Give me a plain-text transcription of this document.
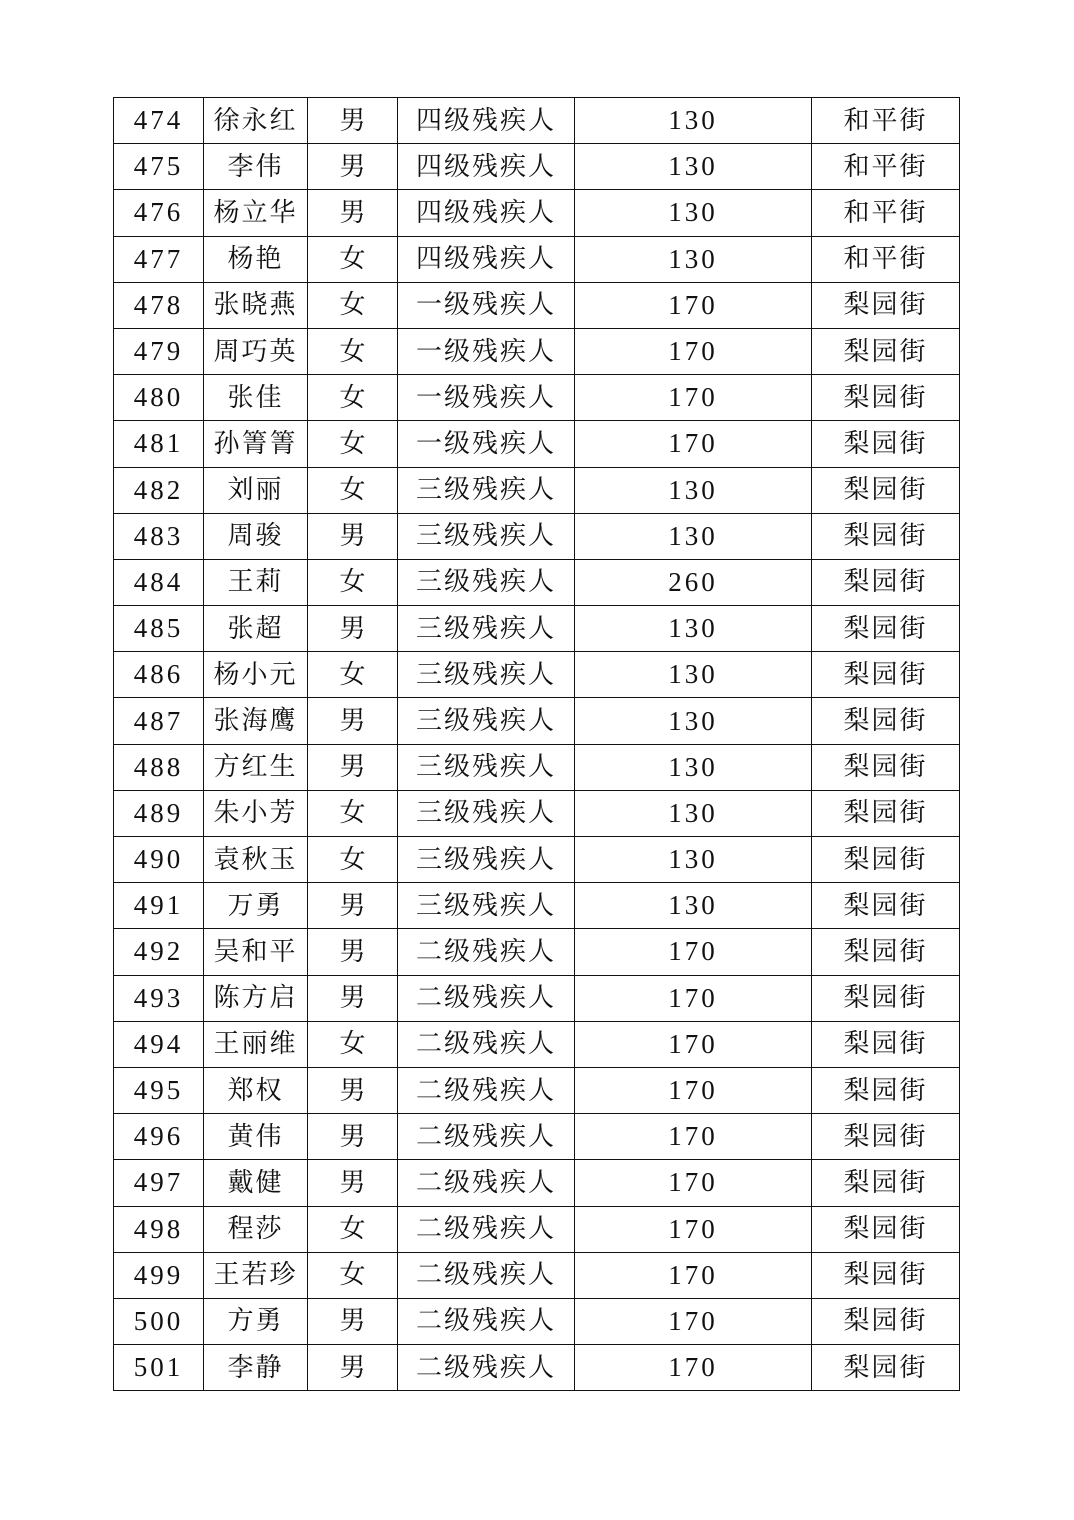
474	徐永红	男	四级残疾人	130	和平街
475	李伟	男	四级残疾人	130	和平街
476	杨立华	男	四级残疾人	130	和平街
477	杨艳	女	四级残疾人	130	和平街
478	张晓燕	女	一级残疾人	170	梨园街
479	周巧英	女	一级残疾人	170	梨园街
480	张佳	女	一级残疾人	170	梨园街
481	孙箐箐	女	一级残疾人	170	梨园街
482	刘丽	女	三级残疾人	130	梨园街
483	周骏	男	三级残疾人	130	梨园街
484	王莉	女	三级残疾人	260	梨园街
485	张超	男	三级残疾人	130	梨园街
486	杨小元	女	三级残疾人	130	梨园街
487	张海鹰	男	三级残疾人	130	梨园街
488	方红生	男	三级残疾人	130	梨园街
489	朱小芳	女	三级残疾人	130	梨园街
490	袁秋玉	女	三级残疾人	130	梨园街
491	万勇	男	三级残疾人	130	梨园街
492	吴和平	男	二级残疾人	170	梨园街
493	陈方启	男	二级残疾人	170	梨园街
494	王丽维	女	二级残疾人	170	梨园街
495	郑权	男	二级残疾人	170	梨园街
496	黄伟	男	二级残疾人	170	梨园街
497	戴健	男	二级残疾人	170	梨园街
498	程莎	女	二级残疾人	170	梨园街
499	王若珍	女	二级残疾人	170	梨园街
500	方勇	男	二级残疾人	170	梨园街
501	李静	男	二级残疾人	170	梨园街
